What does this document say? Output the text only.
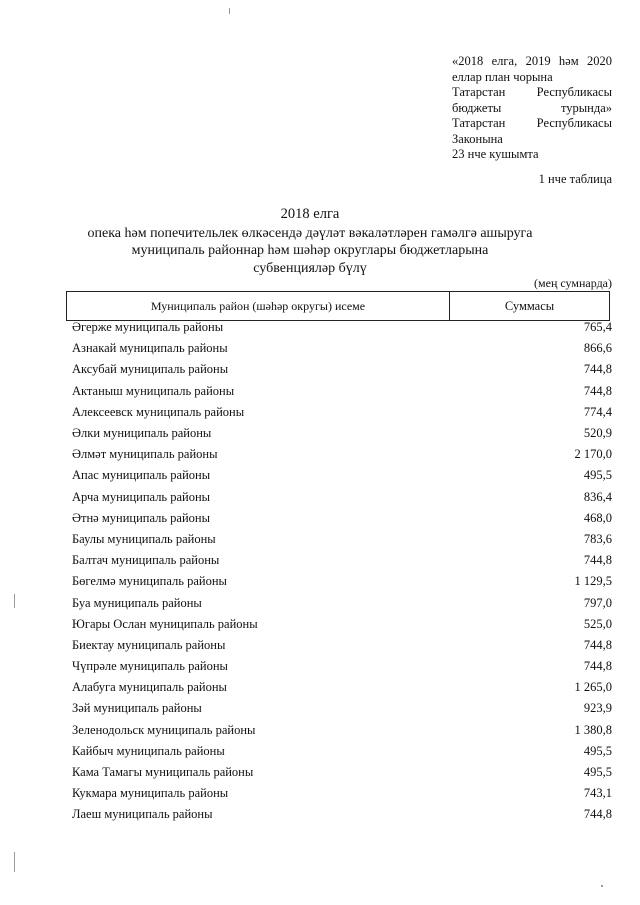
«2018 елга, 2019 һәм 2020
еллар план чорына
Татарстан	Республикасы
бюджеты	турында»
Татарстан	Республикасы
Законына
23 нче кушымта
1 нче таблица
2018 елга
опека һәм попечительлек өлкәсендә дәүләт вәкаләтләрен гамәлгә ашыруга
муниципаль районнар һәм шәһәр округлары бюджетларына
субвенцияләр бүлү
(мең сумнарда)
Муниципаль район (шәһәр округы) исеме	Суммасы
Әгерже муниципаль районы	765,4
Азнакай муниципаль районы	866,6
Аксубай муниципаль районы	744,8
Актаныш муниципаль районы	744,8
Алексеевск муниципаль районы	774,4
Әлки муниципаль районы	520,9
Әлмәт муниципаль районы	2 170,0
Апас муниципаль районы	495,5
Арча муниципаль районы	836,4
Әтнә муниципаль районы	468,0
Баулы муниципаль районы	783,6
Балтач муниципаль районы	744,8
Бөгелмә муниципаль районы	1 129,5
Буа муниципаль районы	797,0
Югары Ослан муниципаль районы	525,0
Биектау муниципаль районы	744,8
Чүпрәле муниципаль районы	744,8
Алабуга муниципаль районы	1 265,0
Зәй муниципаль районы	923,9
Зеленодольск муниципаль районы	1 380,8
Кайбыч муниципаль районы	495,5
Кама Тамагы муниципаль районы	495,5
Кукмара муниципаль районы	743,1
Лаеш муниципаль районы	744,8
